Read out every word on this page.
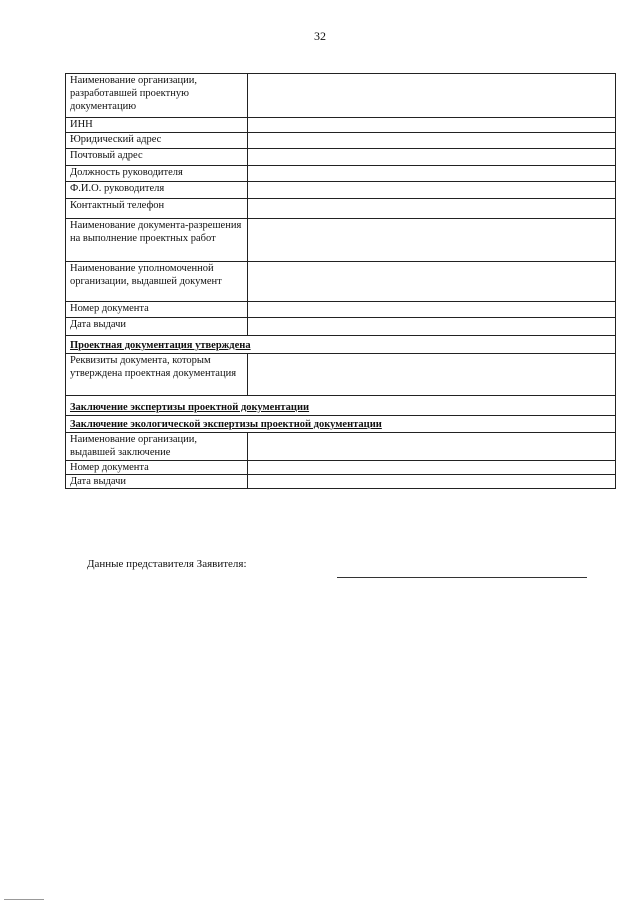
32
Наименование организации, разработавшей проектную документацию	
ИНН	
Юридический адрес	
Почтовый адрес	
Должность руководителя	
Ф.И.О. руководителя	
Контактный телефон	
Наименование документа-разрешения на выполнение проектных работ	
Наименование уполномоченной организации, выдавшей документ	
Номер документа	
Дата выдачи	
Проектная документация утверждена	
Реквизиты документа, которым утверждена проектная документация	
Заключение экспертизы проектной документации	
Заключение экологической экспертизы проектной документации	
Наименование организации, выдавшей заключение	
Номер документа	
Дата выдачи	
Данные представителя Заявителя:
